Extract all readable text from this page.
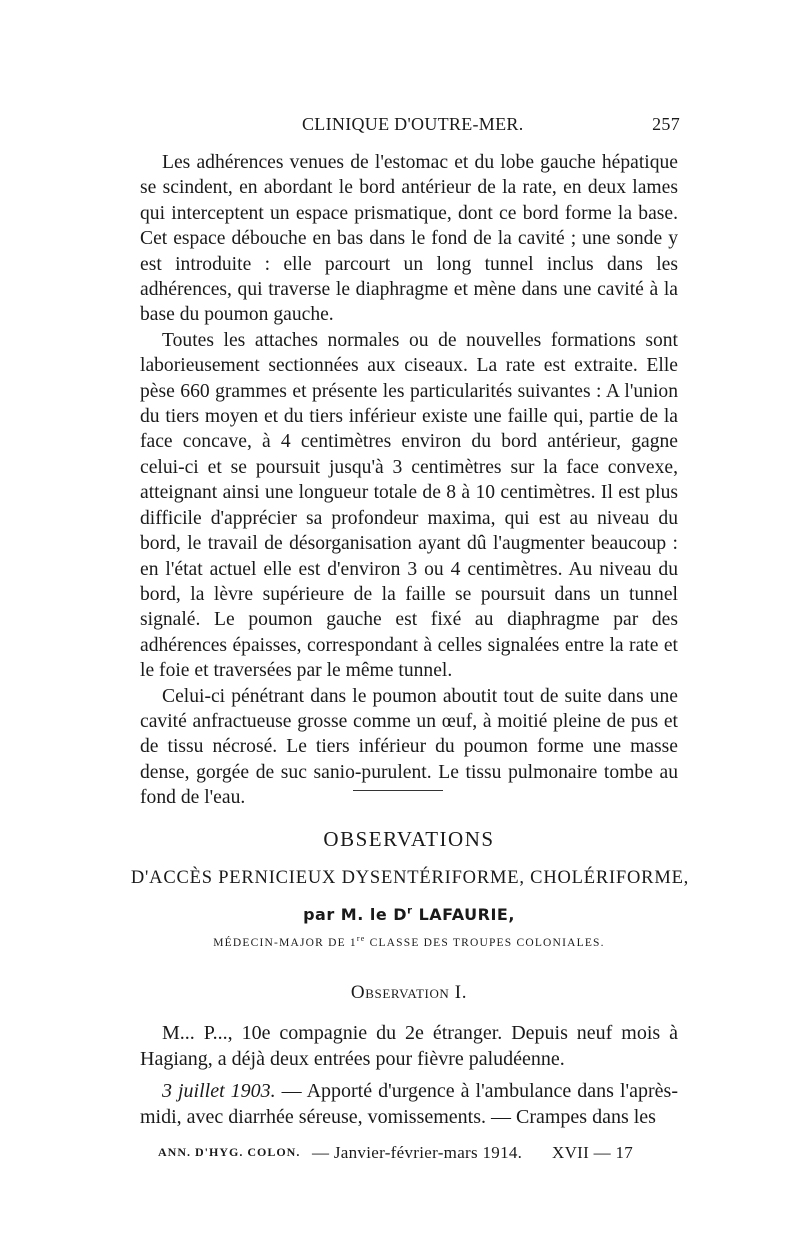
CLINIQUE D'OUTRE-MER.	257

Les adhérences venues de l'estomac et du lobe gauche hépatique se scindent, en abordant le bord antérieur de la rate, en deux lames qui interceptent un espace prismatique, dont ce bord forme la base. Cet espace débouche en bas dans le fond de la cavité ; une sonde y est introduite : elle parcourt un long tunnel inclus dans les adhérences, qui traverse le diaphragme et mène dans une cavité à la base du poumon gauche.

Toutes les attaches normales ou de nouvelles formations sont laborieusement sectionnées aux ciseaux. La rate est extraite. Elle pèse 660 grammes et présente les particularités suivantes : A l'union du tiers moyen et du tiers inférieur existe une faille qui, partie de la face concave, à 4 centimètres environ du bord antérieur, gagne celui-ci et se poursuit jusqu'à 3 centimètres sur la face convexe, atteignant ainsi une longueur totale de 8 à 10 centimètres. Il est plus difficile d'apprécier sa profondeur maxima, qui est au niveau du bord, le travail de désorganisation ayant dû l'augmenter beaucoup : en l'état actuel elle est d'environ 3 ou 4 centimètres. Au niveau du bord, la lèvre supérieure de la faille se poursuit dans un tunnel signalé. Le poumon gauche est fixé au diaphragme par des adhérences épaisses, correspondant à celles signalées entre la rate et le foie et traversées par le même tunnel.

Celui-ci pénétrant dans le poumon aboutit tout de suite dans une cavité anfractueuse grosse comme un œuf, à moitié pleine de pus et de tissu nécrosé. Le tiers inférieur du poumon forme une masse dense, gorgée de suc sanio-purulent. Le tissu pulmonaire tombe au fond de l'eau.

OBSERVATIONS
D'ACCÈS PERNICIEUX DYSENTÉRIFORME, CHOLÉRIFORME,
par M. le $D^r$ LAFAURIE,
MÉDECIN-MAJOR DE 1re CLASSE DES TROUPES COLONIALES.
Observation I.

M... P..., 10e compagnie du 2e étranger. Depuis neuf mois à Hagiang, a déjà deux entrées pour fièvre paludéenne.

3 juillet 1903. — Apporté d'urgence à l'ambulance dans l'après-midi, avec diarrhée séreuse, vomissements. — Crampes dans les

ANN. D'HYG. COLON. — Janvier-février-mars 1914. XVII — 17
